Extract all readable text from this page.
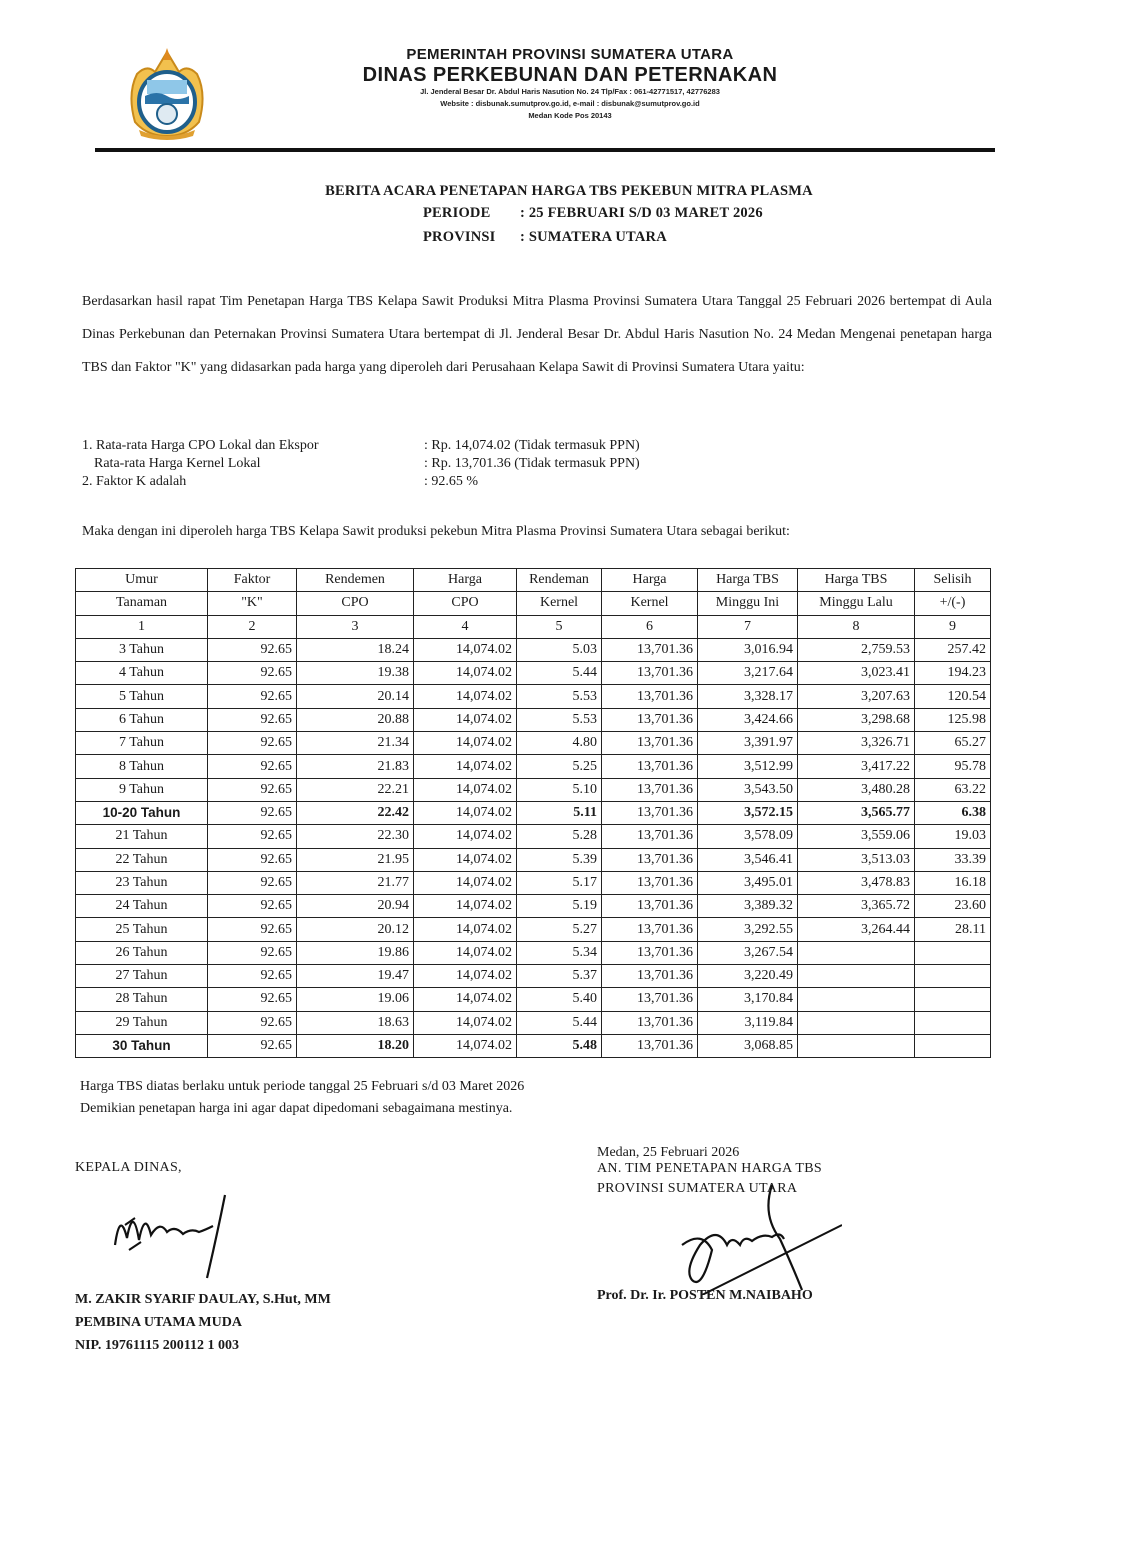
PEMERINTAH PROVINSI SUMATERA UTARA
DINAS PERKEBUNAN DAN PETERNAKAN
Jl. Jenderal Besar Dr. Abdul Haris Nasution No. 24 Tlp/Fax : 061-42771517, 42776283
Website : disbunak.sumutprov.go.id, e-mail : disbunak@sumutprov.go.id
Medan Kode Pos 20143
BERITA ACARA PENETAPAN HARGA TBS PEKEBUN MITRA PLASMA
PERIODE : 25 FEBRUARI S/D 03 MARET 2026
PROVINSI : SUMATERA UTARA
Berdasarkan hasil rapat Tim Penetapan Harga TBS Kelapa Sawit Produksi Mitra Plasma Provinsi Sumatera Utara Tanggal 25 Februari 2026 bertempat di Aula Dinas Perkebunan dan Peternakan Provinsi Sumatera Utara bertempat di Jl. Jenderal Besar Dr. Abdul Haris Nasution No. 24 Medan Mengenai penetapan harga TBS dan Faktor "K" yang didasarkan pada harga yang diperoleh dari Perusahaan Kelapa Sawit di Provinsi Sumatera Utara yaitu:
1. Rata-rata Harga CPO Lokal dan Ekspor	: Rp. 14,074.02 (Tidak termasuk PPN)
Rata-rata Harga Kernel Lokal	: Rp. 13,701.36 (Tidak termasuk PPN)
2. Faktor K adalah	: 92.65 %
Maka dengan ini diperoleh harga TBS Kelapa Sawit produksi pekebun Mitra Plasma Provinsi Sumatera Utara sebagai berikut:
Umur	Faktor	Rendemen	Harga	Rendeman	Harga	Harga TBS	Harga TBS	Selisih
Tanaman	"K"	CPO	CPO	Kernel	Kernel	Minggu Ini	Minggu Lalu	+/(-)
1	2	3	4	5	6	7	8	9
3 Tahun	92.65	18.24	14,074.02	5.03	13,701.36	3,016.94	2,759.53	257.42
4 Tahun	92.65	19.38	14,074.02	5.44	13,701.36	3,217.64	3,023.41	194.23
5 Tahun	92.65	20.14	14,074.02	5.53	13,701.36	3,328.17	3,207.63	120.54
6 Tahun	92.65	20.88	14,074.02	5.53	13,701.36	3,424.66	3,298.68	125.98
7 Tahun	92.65	21.34	14,074.02	4.80	13,701.36	3,391.97	3,326.71	65.27
8 Tahun	92.65	21.83	14,074.02	5.25	13,701.36	3,512.99	3,417.22	95.78
9 Tahun	92.65	22.21	14,074.02	5.10	13,701.36	3,543.50	3,480.28	63.22
10-20 Tahun	92.65	22.42	14,074.02	5.11	13,701.36	3,572.15	3,565.77	6.38
21 Tahun	92.65	22.30	14,074.02	5.28	13,701.36	3,578.09	3,559.06	19.03
22 Tahun	92.65	21.95	14,074.02	5.39	13,701.36	3,546.41	3,513.03	33.39
23 Tahun	92.65	21.77	14,074.02	5.17	13,701.36	3,495.01	3,478.83	16.18
24 Tahun	92.65	20.94	14,074.02	5.19	13,701.36	3,389.32	3,365.72	23.60
25 Tahun	92.65	20.12	14,074.02	5.27	13,701.36	3,292.55	3,264.44	28.11
26 Tahun	92.65	19.86	14,074.02	5.34	13,701.36	3,267.54		
27 Tahun	92.65	19.47	14,074.02	5.37	13,701.36	3,220.49		
28 Tahun	92.65	19.06	14,074.02	5.40	13,701.36	3,170.84		
29 Tahun	92.65	18.63	14,074.02	5.44	13,701.36	3,119.84		
30 Tahun	92.65	18.20	14,074.02	5.48	13,701.36	3,068.85		
Harga TBS diatas berlaku untuk periode tanggal 25 Februari s/d 03 Maret 2026
Demikian penetapan harga ini agar dapat dipedomani sebagaimana mestinya.
KEPALA DINAS,
M. ZAKIR SYARIF DAULAY, S.Hut, MM
PEMBINA UTAMA MUDA
NIP. 19761115 200112 1 003
Medan, 25 Februari 2026
AN. TIM PENETAPAN HARGA TBS
PROVINSI SUMATERA UTARA
Prof. Dr. Ir. POSTEN M.NAIBAHO
